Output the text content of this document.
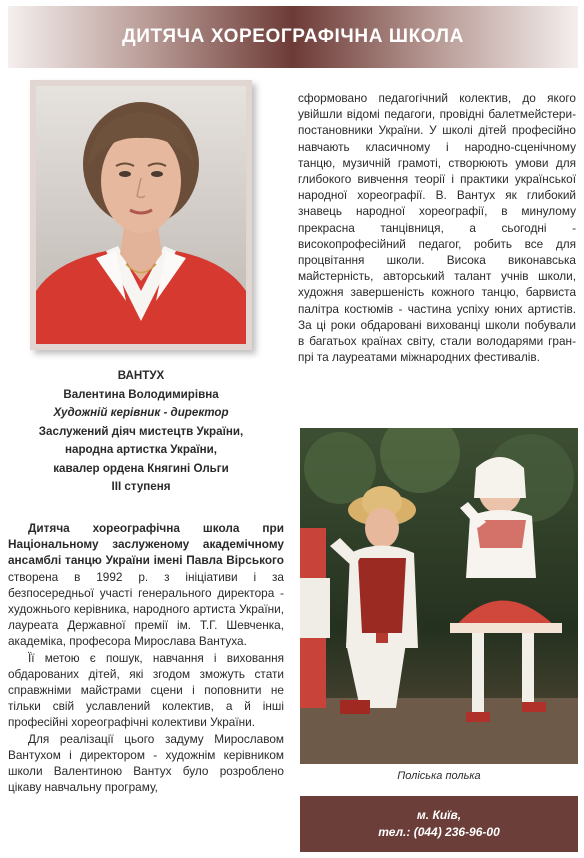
ДИТЯЧА ХОРЕОГРАФІЧНА ШКОЛА
ВАНТУХ
Валентина Володимирівна
Художній керівник - директор
Заслужений діяч мистецтв України,
народна артистка України,
кавалер ордена Княгині Ольги
ІІІ ступеня

Дитяча хореографічна школа при Національному заслуженому академічному ансамблі танцю України імені Павла Вірського створена в 1992 р. з ініціативи і за безпосередньої участі генерального директора - художнього керівника, народного артиста України, лауреата Державної премії ім. Т.Г. Шевченка, академіка, професора Мирослава Вантуха.

Її метою є пошук, навчання і виховання обдарованих дітей, які згодом зможуть стати справжніми майстрами сцени і поповнити не тільки свій уславлений колектив, а й інші професійні хореографічні колективи України.

Для реалізації цього задуму Мирославом Вантухом і директором - художнім керівником школи Валентиною Вантух було розроблено цікаву навчальну програму,

сформовано педагогічний колектив, до якого увійшли відомі педагоги, провідні балетмейстери-постановники України. У школі дітей професійно навчають класичному і народно-сценічному танцю, музичній грамоті, створюють умови для глибокого вивчення теорії і практики української народної хореографії. В. Вантух як глибокий знавець народної хореографії, в минулому прекрасна танцівниця, а сьогодні - високопрофесійний педагог, робить все для процвітання школи. Висока виконавська майстерність, авторський талант учнів школи, художня завершеність кожного танцю, барвиста палітра костюмів - частина успіху юних артистів. За ці роки обдаровані вихованці школи побували в багатьох країнах світу, стали володарями гран-прі та лауреатами міжнародних фестивалів.

Поліська полька
м. Київ,
тел.: (044) 236-96-00
